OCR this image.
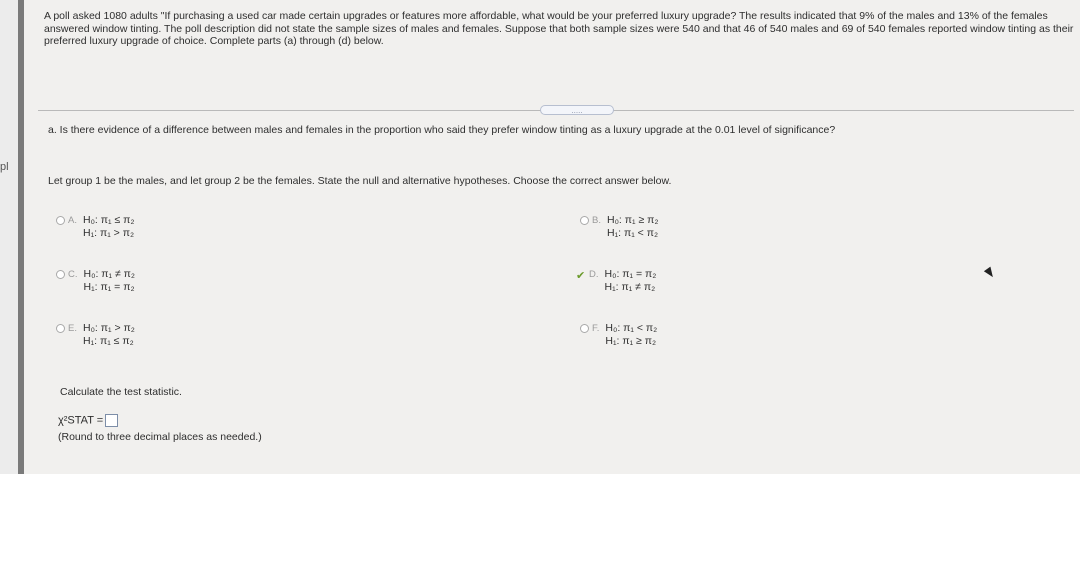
pl
A poll asked 1080 adults "If purchasing a used car made certain upgrades or features more affordable, what would be your preferred luxury upgrade? The results indicated that 9% of the males and 13% of the females answered window tinting. The poll description did not state the sample sizes of males and females. Suppose that both sample sizes were 540 and that 46 of 540 males and 69 of 540 females reported window tinting as their preferred luxury upgrade of choice. Complete parts (a) through (d) below.
.....
a. Is there evidence of a difference between males and females in the proportion who said they prefer window tinting as a luxury upgrade at the 0.01 level of significance?
Let group 1 be the males, and let group 2 be the females. State the null and alternative hypotheses. Choose the correct answer below.
A. H₀: π₁ ≤ π₂
H₁: π₁ > π₂
B. H₀: π₁ ≥ π₂
H₁: π₁ < π₂
C. H₀: π₁ ≠ π₂
H₁: π₁ = π₂
✔ D. H₀: π₁ = π₂
H₁: π₁ ≠ π₂
E. H₀: π₁ > π₂
H₁: π₁ ≤ π₂
F. H₀: π₁ < π₂
H₁: π₁ ≥ π₂
Calculate the test statistic.
χ²STAT =
(Round to three decimal places as needed.)
